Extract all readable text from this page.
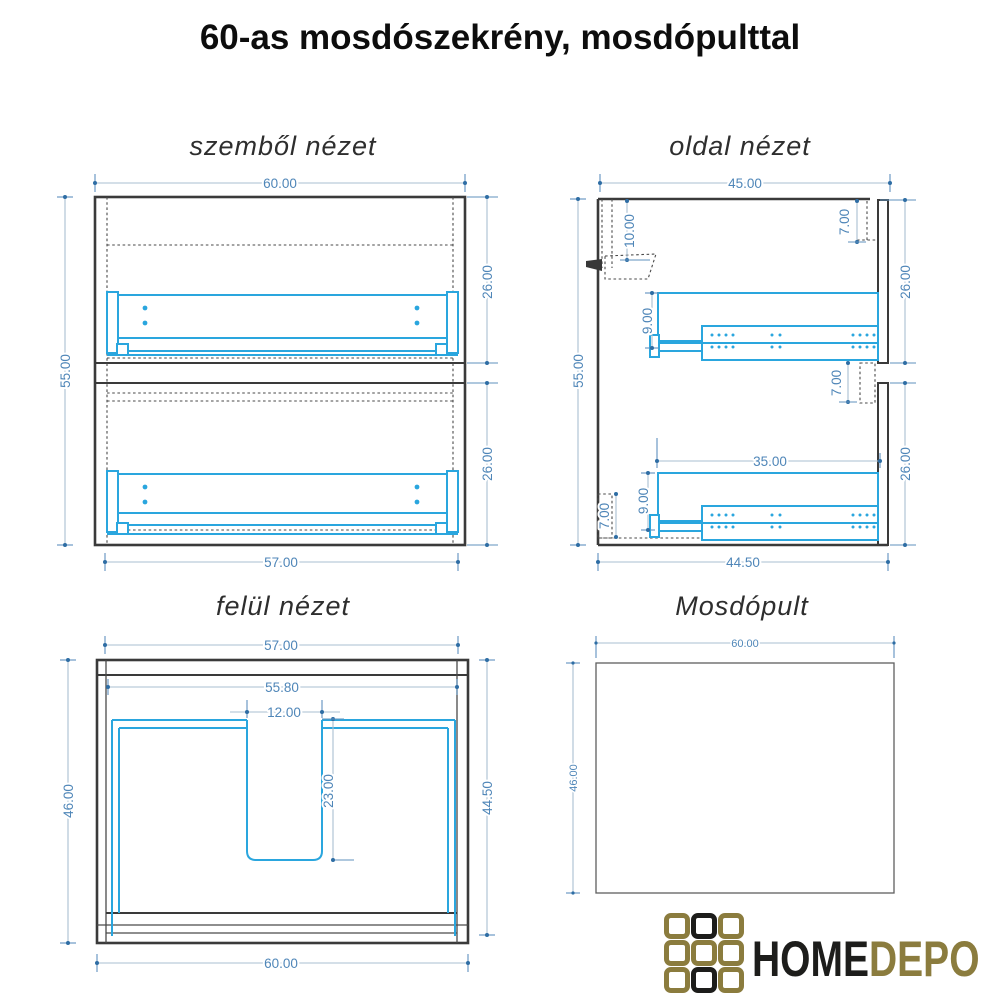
60-as mosdószekrény, mosdópulttal
szemből nézet
60.00
55.00
26.00
26.00
57.00
oldal nézet
45.00
55.00
10.00	7.00
26.00
26.00
9.00
7.00
35.00
9.00
7.00
44.50
felül nézet
57.00
55.80
12.00
23.00
46.00	44.50
60.00
Mosdópult
60.00
46.00
HOMEDEPO
